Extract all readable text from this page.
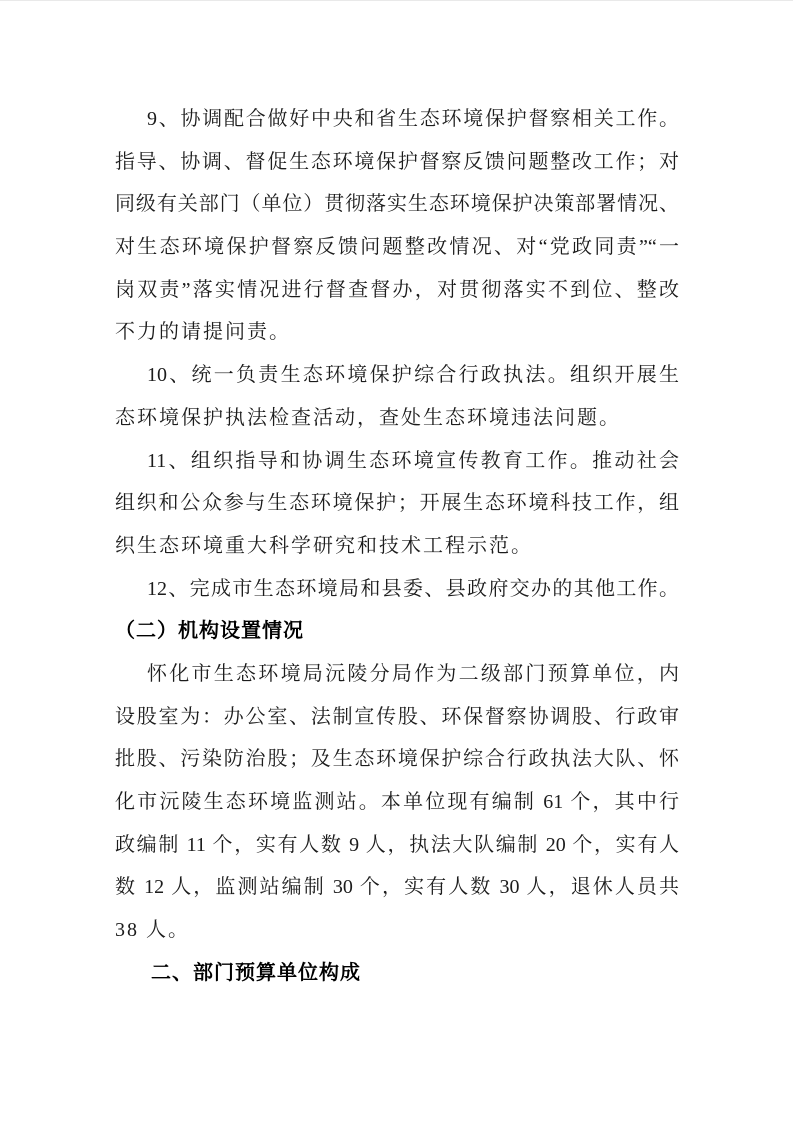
9、协调配合做好中央和省生态环境保护督察相关工作。
指导、协调、督促生态环境保护督察反馈问题整改工作；对
同级有关部门（单位）贯彻落实生态环境保护决策部署情况、
对生态环境保护督察反馈问题整改情况、对“党政同责”“一
岗双责”落实情况进行督查督办，对贯彻落实不到位、整改
不力的请提问责。
10、统一负责生态环境保护综合行政执法。组织开展生
态环境保护执法检查活动，查处生态环境违法问题。
11、组织指导和协调生态环境宣传教育工作。推动社会
组织和公众参与生态环境保护；开展生态环境科技工作，组
织生态环境重大科学研究和技术工程示范。
12、完成市生态环境局和县委、县政府交办的其他工作。
（二）机构设置情况
怀化市生态环境局沅陵分局作为二级部门预算单位，内
设股室为：办公室、法制宣传股、环保督察协调股、行政审
批股、污染防治股；及生态环境保护综合行政执法大队、怀
化市沅陵生态环境监测站。本单位现有编制 61 个，其中行
政编制 11 个，实有人数 9 人，执法大队编制 20 个，实有人
数 12 人，监测站编制 30 个，实有人数 30 人，退休人员共
38 人。
二、部门预算单位构成
